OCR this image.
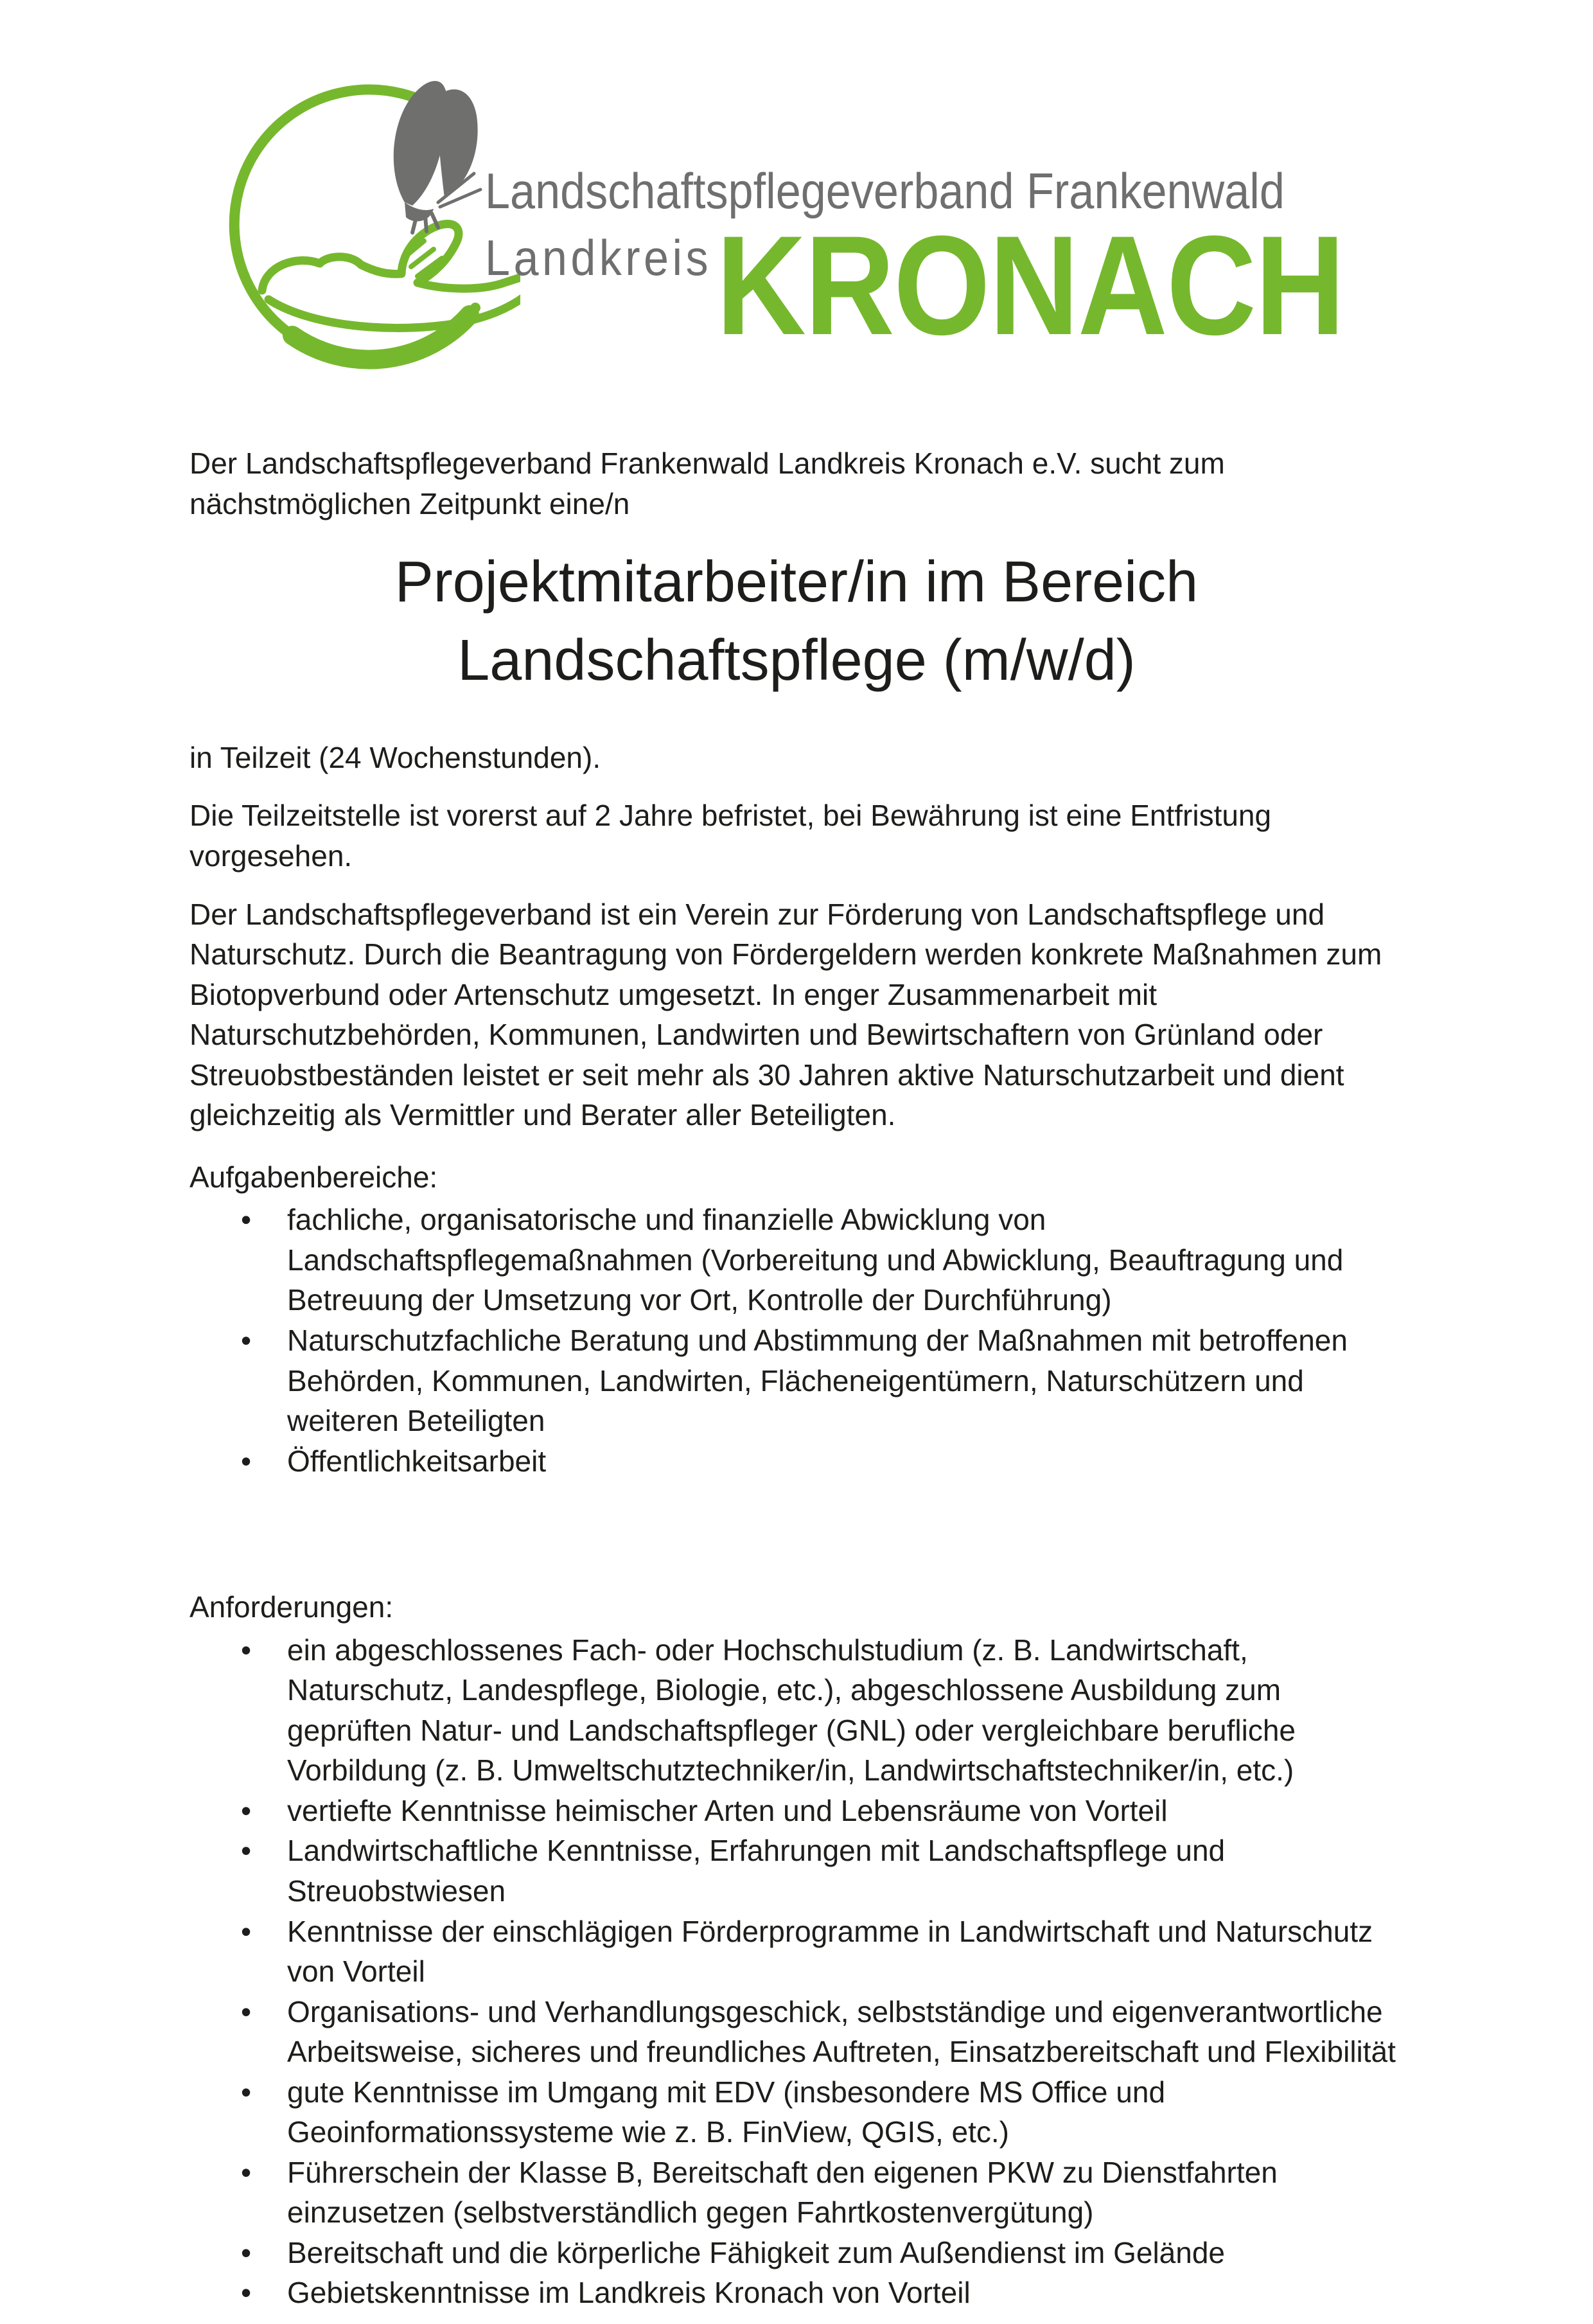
Landschaftspflegeverband Frankenwald
Landkreis KRONACH

Der Landschaftspflegeverband Frankenwald Landkreis Kronach e.V. sucht zum nächstmöglichen Zeitpunkt eine/n

Projektmitarbeiter/in im Bereich
Landschaftspflege (m/w/d)

in Teilzeit (24 Wochenstunden).

Die Teilzeitstelle ist vorerst auf 2 Jahre befristet, bei Bewährung ist eine Entfristung vorgesehen.

Der Landschaftspflegeverband ist ein Verein zur Förderung von Landschaftspflege und Naturschutz. Durch die Beantragung von Fördergeldern werden konkrete Maßnahmen zum Biotopverbund oder Artenschutz umgesetzt. In enger Zusammenarbeit mit Naturschutzbehörden, Kommunen, Landwirten und Bewirtschaftern von Grünland oder Streuobstbeständen leistet er seit mehr als 30 Jahren aktive Naturschutzarbeit und dient gleichzeitig als Vermittler und Berater aller Beteiligten.

Aufgabenbereiche:
• fachliche, organisatorische und finanzielle Abwicklung von Landschaftspflegemaßnahmen (Vorbereitung und Abwicklung, Beauftragung und Betreuung der Umsetzung vor Ort, Kontrolle der Durchführung)
• Naturschutzfachliche Beratung und Abstimmung der Maßnahmen mit betroffenen Behörden, Kommunen, Landwirten, Flächeneigentümern, Naturschützern und weiteren Beteiligten
• Öffentlichkeitsarbeit
Anforderungen:
• ein abgeschlossenes Fach- oder Hochschulstudium (z. B. Landwirtschaft, Naturschutz, Landespflege, Biologie, etc.), abgeschlossene Ausbildung zum geprüften Natur- und Landschaftspfleger (GNL) oder vergleichbare berufliche Vorbildung (z. B. Umweltschutztechniker/in, Landwirtschaftstechniker/in, etc.)
• vertiefte Kenntnisse heimischer Arten und Lebensräume von Vorteil
• Landwirtschaftliche Kenntnisse, Erfahrungen mit Landschaftspflege und Streuobstwiesen
• Kenntnisse der einschlägigen Förderprogramme in Landwirtschaft und Naturschutz von Vorteil
• Organisations- und Verhandlungsgeschick, selbstständige und eigenverantwortliche Arbeitsweise, sicheres und freundliches Auftreten, Einsatzbereitschaft und Flexibilität
• gute Kenntnisse im Umgang mit EDV (insbesondere MS Office und Geoinformationssysteme wie z. B. FinView, QGIS, etc.)
• Führerschein der Klasse B, Bereitschaft den eigenen PKW zu Dienstfahrten einzusetzen (selbstverständlich gegen Fahrtkostenvergütung)
• Bereitschaft und die körperliche Fähigkeit zum Außendienst im Gelände
• Gebietskenntnisse im Landkreis Kronach von Vorteil
